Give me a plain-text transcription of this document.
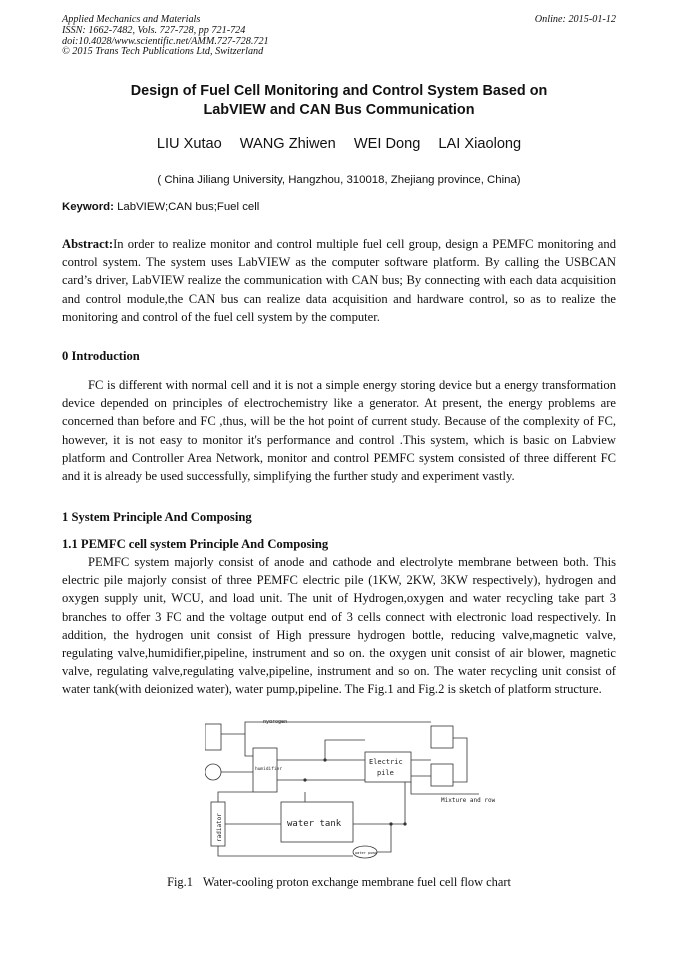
Applied Mechanics and Materials
ISSN: 1662-7482, Vols. 727-728, pp 721-724
doi:10.4028/www.scientific.net/AMM.727-728.721
© 2015 Trans Tech Publications Ltd, Switzerland
Online: 2015-01-12
Design of Fuel Cell Monitoring and Control System Based on
LabVIEW and CAN Bus Communication
LIU Xutao WANG Zhiwen WEI Dong LAI Xiaolong
( China Jiliang University, Hangzhou, 310018, Zhejiang province, China)
Keyword: LabVIEW;CAN bus;Fuel cell
Abstract:In order to realize monitor and control multiple fuel cell group, design a PEMFC monitoring and control system. The system uses LabVIEW as the computer software platform. By calling the USBCAN card’s driver, LabVIEW realize the communication with CAN bus; By connecting with each data acquisition and control module,the CAN bus can realize data acquisition and hardware control, so as to realize the monitoring and control of the fuel cell system by the computer.
0 Introduction
FC is different with normal cell and it is not a simple energy storing device but a energy transformation device depended on principles of electrochemistry like a generator. At present, the energy problems are concerned than before and FC ,thus, will be the hot point of current study. Because of the complexity of FC, however, it is not easy to monitor it's performance and control .This system, which is basic on Labview platform and Controller Area Network, monitor and control PEMFC system consisted of three different FC and it is already be used successfully, simplifying the further study and experiment vastly.
1 System Principle And Composing
1.1 PEMFC cell system Principle And Composing
PEMFC system majorly consist of anode and cathode and electrolyte membrane between both. This electric pile majorly consist of three PEMFC electric pile (1KW, 2KW, 3KW respectively), hydrogen and oxygen supply unit, WCU, and load unit. The unit of Hydrogen,oxygen and water recycling take part 3 branches to offer 3 FC and the voltage output end of 3 cells connect with electronic load respectively. In addition, the hydrogen unit consist of High pressure hydrogen bottle, reducing valve,magnetic valve, regulating valve,humidifier,pipeline, instrument and so on. the oxygen unit consist of air blower, magnetic valve, regulating valve,regulating valve,pipeline, instrument and so on. The water recycling unit consist of water tank(with deionized water), water pump,pipeline. The Fig.1 and Fig.2 is sketch of platform structure.
hydrogen
humidifier
Electric
pile
Mixture and row
water tank
radiator
water pump
Fig.1 Water-cooling proton exchange membrane fuel cell flow chart
